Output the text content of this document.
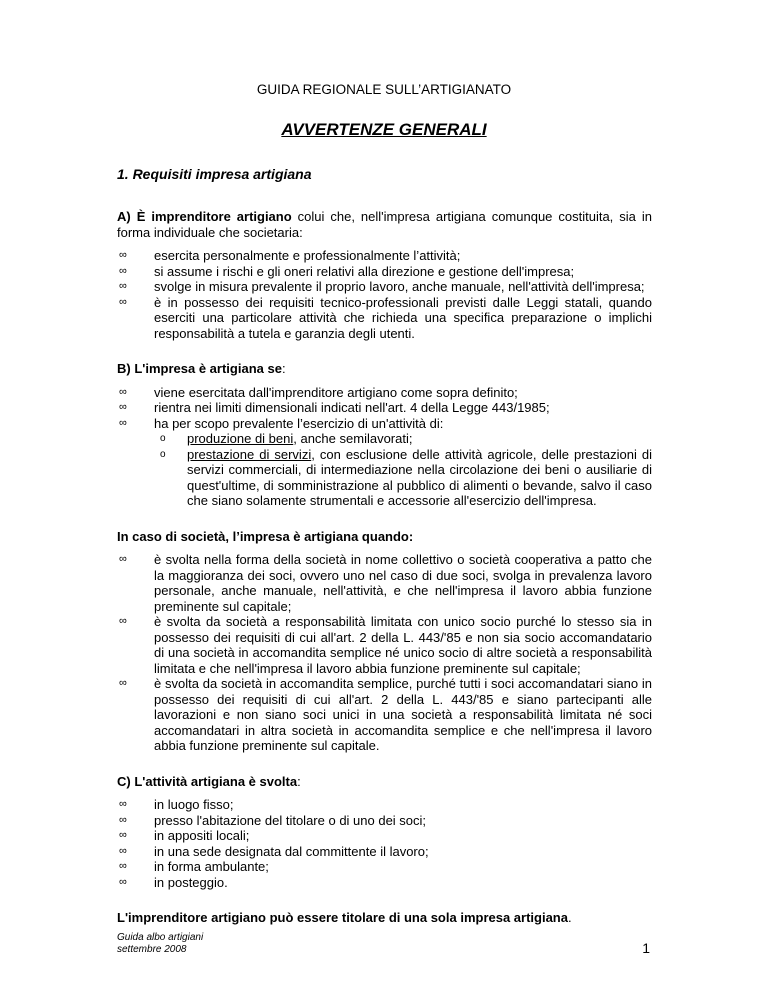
GUIDA REGIONALE SULL’ARTIGIANATO
AVVERTENZE GENERALI
1. Requisiti impresa artigiana
A) È imprenditore artigiano colui che, nell'impresa artigiana comunque costituita, sia in forma individuale che societaria:
∞ esercita personalmente e professionalmente l’attività;
∞ si assume i rischi e gli oneri relativi alla direzione e gestione dell'impresa;
∞ svolge in misura prevalente il proprio lavoro, anche manuale, nell'attività dell'impresa;
∞ è in possesso dei requisiti tecnico-professionali previsti dalle Leggi statali, quando eserciti una particolare attività che richieda una specifica preparazione o implichi responsabilità a tutela e garanzia degli utenti.
B) L'impresa è artigiana se:
∞ viene esercitata dall'imprenditore artigiano come sopra definito;
∞ rientra nei limiti dimensionali indicati nell'art. 4 della Legge 443/1985;
∞ ha per scopo prevalente l’esercizio di un'attività di:
o produzione di beni, anche semilavorati;
o prestazione di servizi, con esclusione delle attività agricole, delle prestazioni di servizi commerciali, di intermediazione nella circolazione dei beni o ausiliarie di quest'ultime, di somministrazione al pubblico di alimenti o bevande, salvo il caso che siano solamente strumentali e accessorie all'esercizio dell'impresa.
In caso di società, l’impresa è artigiana quando:
∞ è svolta nella forma della società in nome collettivo o società cooperativa a patto che la maggioranza dei soci, ovvero uno nel caso di due soci, svolga in prevalenza lavoro personale, anche manuale, nell'attività, e che nell'impresa il lavoro abbia funzione preminente sul capitale;
∞ è svolta da società a responsabilità limitata con unico socio purché lo stesso sia in possesso dei requisiti di cui all'art. 2 della L. 443/'85 e non sia socio accomandatario di una società in accomandita semplice né unico socio di altre società a responsabilità limitata e che nell'impresa il lavoro abbia funzione preminente sul capitale;
∞ è svolta da società in accomandita semplice, purché tutti i soci accomandatari siano in possesso dei requisiti di cui all'art. 2 della L. 443/'85 e siano partecipanti alle lavorazioni e non siano soci unici in una società a responsabilità limitata né soci accomandatari in altra società in accomandita semplice e che nell'impresa il lavoro abbia funzione preminente sul capitale.
C) L'attività artigiana è svolta:
∞ in luogo fisso;
∞ presso l'abitazione del titolare o di uno dei soci;
∞ in appositi locali;
∞ in una sede designata dal committente il lavoro;
∞ in forma ambulante;
∞ in posteggio.
L'imprenditore artigiano può essere titolare di una sola impresa artigiana.
Guida albo artigiani
settembre 2008	1
